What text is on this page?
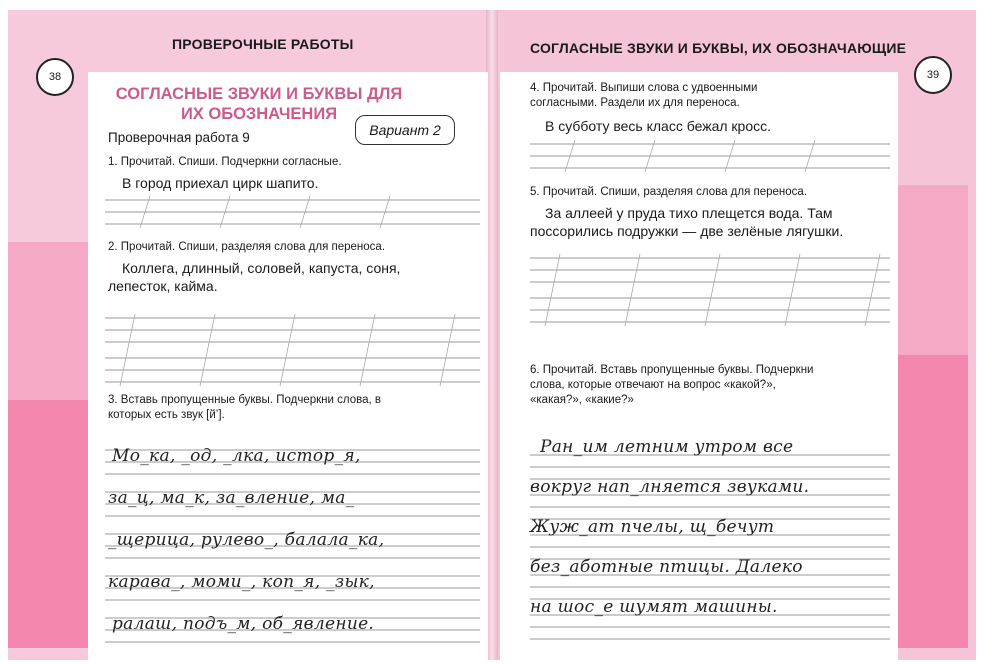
ПРОВЕРОЧНЫЕ РАБОТЫ	СОГЛАСНЫЕ ЗВУКИ И БУКВЫ, ИХ ОБОЗНАЧАЮЩИЕ
38	39
СОГЛАСНЫЕ ЗВУКИ И БУКВЫ ДЛЯ
ИХ ОБОЗНАЧЕНИЯ
Вариант 2
Проверочная работа 9
1. Прочитай. Спиши. Подчеркни согласные.
В город приехал цирк шапито.
2. Прочитай. Спиши, разделяя слова для переноса.
Коллега, длинный, соловей, капуста, соня,
лепесток, кайма.
3. Вставь пропущенные буквы. Подчеркни слова, в
которых есть звук [й’].
Мо_ка, _од, _лка, истор_я,
за_ц, ма_к, за_вление, ма_
_щерица, рулево_, балала_ка,
карава_, моми_, коп_я, _зык,
ралаш, подъ_м, об_явление.
4. Прочитай. Выпиши слова с удвоенными
согласными. Раздели их для переноса.
В субботу весь класс бежал кросс.
5. Прочитай. Спиши, разделяя слова для переноса.
За аллеей у пруда тихо плещется вода. Там
поссорились подружки — две зелёные лягушки.
6. Прочитай. Вставь пропущенные буквы. Подчеркни
слова, которые отвечают на вопрос «какой?»,
«какая?», «какие?»
Ран_им летним утром все
вокруг нап_лняется звуками.
Жуж_ат пчелы, щ_бечут
без_аботные птицы. Далеко
на шос_е шумят машины.
